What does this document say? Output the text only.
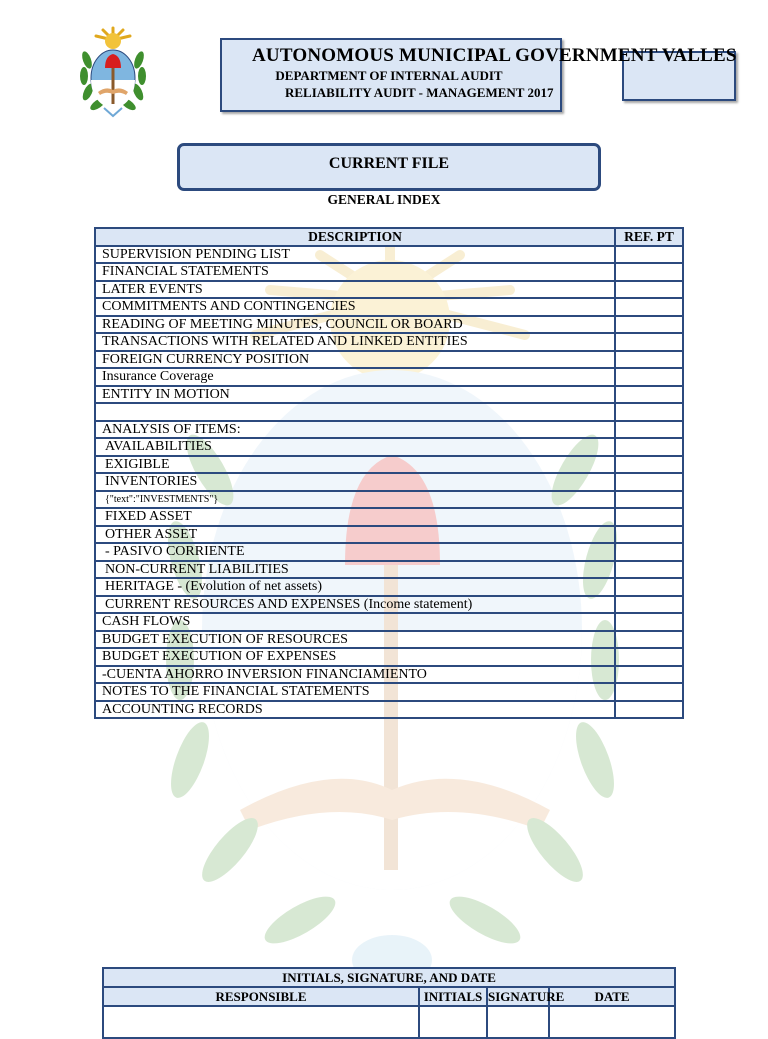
AUTONOMOUS MUNICIPAL GOVERNMENT VALLES
DEPARTMENT OF INTERNAL AUDIT
RELIABILITY AUDIT - MANAGEMENT 2017
CURRENT FILE
GENERAL INDEX
DESCRIPTION	REF. PT
SUPERVISION PENDING LIST	
FINANCIAL STATEMENTS	
LATER EVENTS	
COMMITMENTS AND CONTINGENCIES	
READING OF MEETING MINUTES, COUNCIL OR BOARD	
TRANSACTIONS WITH RELATED AND LINKED ENTITIES	
FOREIGN CURRENCY POSITION	
Insurance Coverage	
ENTITY IN MOTION	

ANALYSIS OF ITEMS:	
AVAILABILITIES	
EXIGIBLE	
INVENTORIES	
{"text":"INVESTMENTS"}	
FIXED ASSET	
OTHER ASSET	
- PASIVO CORRIENTE	
NON-CURRENT LIABILITIES	
HERITAGE - (Evolution of net assets)	
CURRENT RESOURCES AND EXPENSES (Income statement)	
CASH FLOWS	
BUDGET EXECUTION OF RESOURCES	
BUDGET EXECUTION OF EXPENSES	
-CUENTA AHORRO INVERSION FINANCIAMIENTO	
NOTES TO THE FINANCIAL STATEMENTS	
ACCOUNTING RECORDS	
INITIALS, SIGNATURE, AND DATE			
RESPONSIBLE	INITIALS	SIGNATURE	DATE
